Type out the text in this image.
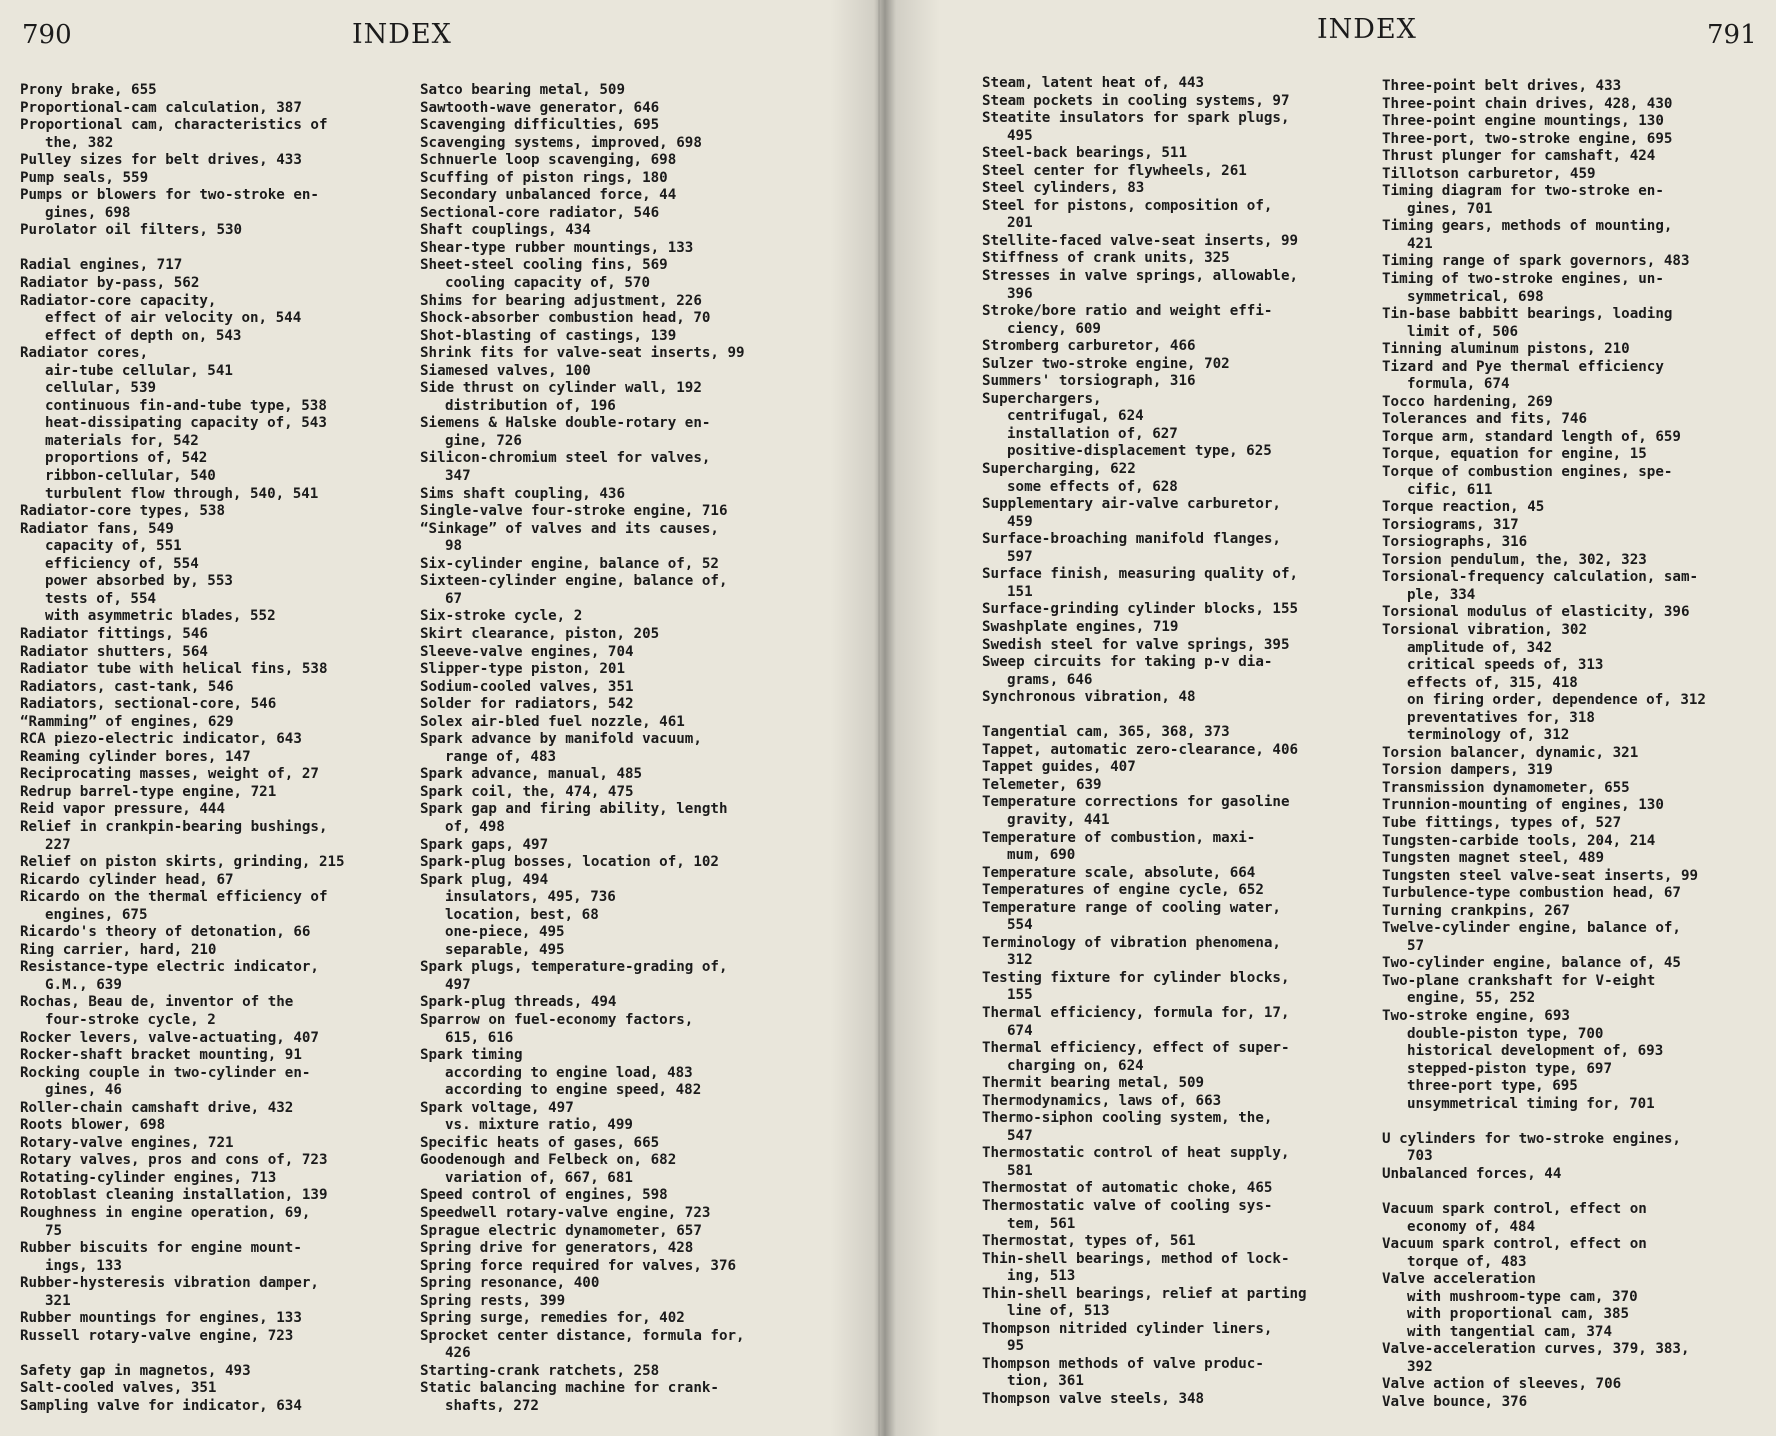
790	INDEX
Prony brake, 655
Proportional-cam calculation, 387
Proportional cam, characteristics of
the, 382
Pulley sizes for belt drives, 433
Pump seals, 559
Pumps or blowers for two-stroke en-
gines, 698
Purolator oil filters, 530
Radial engines, 717
Radiator by-pass, 562
Radiator-core capacity,
effect of air velocity on, 544
effect of depth on, 543
Radiator cores,
air-tube cellular, 541
cellular, 539
continuous fin-and-tube type, 538
heat-dissipating capacity of, 543
materials for, 542
proportions of, 542
ribbon-cellular, 540
turbulent flow through, 540, 541
Radiator-core types, 538
Radiator fans, 549
capacity of, 551
efficiency of, 554
power absorbed by, 553
tests of, 554
with asymmetric blades, 552
Radiator fittings, 546
Radiator shutters, 564
Radiator tube with helical fins, 538
Radiators, cast-tank, 546
Radiators, sectional-core, 546
“Ramming” of engines, 629
RCA piezo-electric indicator, 643
Reaming cylinder bores, 147
Reciprocating masses, weight of, 27
Redrup barrel-type engine, 721
Reid vapor pressure, 444
Relief in crankpin-bearing bushings,
227
Relief on piston skirts, grinding, 215
Ricardo cylinder head, 67
Ricardo on the thermal efficiency of
engines, 675
Ricardo's theory of detonation, 66
Ring carrier, hard, 210
Resistance-type electric indicator,
G.M., 639
Rochas, Beau de, inventor of the
four-stroke cycle, 2
Rocker levers, valve-actuating, 407
Rocker-shaft bracket mounting, 91
Rocking couple in two-cylinder en-
gines, 46
Roller-chain camshaft drive, 432
Roots blower, 698
Rotary-valve engines, 721
Rotary valves, pros and cons of, 723
Rotating-cylinder engines, 713
Rotoblast cleaning installation, 139
Roughness in engine operation, 69,
75
Rubber biscuits for engine mount-
ings, 133
Rubber-hysteresis vibration damper,
321
Rubber mountings for engines, 133
Russell rotary-valve engine, 723
Safety gap in magnetos, 493
Salt-cooled valves, 351
Sampling valve for indicator, 634
Satco bearing metal, 509
Sawtooth-wave generator, 646
Scavenging difficulties, 695
Scavenging systems, improved, 698
Schnuerle loop scavenging, 698
Scuffing of piston rings, 180
Secondary unbalanced force, 44
Sectional-core radiator, 546
Shaft couplings, 434
Shear-type rubber mountings, 133
Sheet-steel cooling fins, 569
cooling capacity of, 570
Shims for bearing adjustment, 226
Shock-absorber combustion head, 70
Shot-blasting of castings, 139
Shrink fits for valve-seat inserts, 99
Siamesed valves, 100
Side thrust on cylinder wall, 192
distribution of, 196
Siemens & Halske double-rotary en-
gine, 726
Silicon-chromium steel for valves,
347
Sims shaft coupling, 436
Single-valve four-stroke engine, 716
“Sinkage” of valves and its causes,
98
Six-cylinder engine, balance of, 52
Sixteen-cylinder engine, balance of,
67
Six-stroke cycle, 2
Skirt clearance, piston, 205
Sleeve-valve engines, 704
Slipper-type piston, 201
Sodium-cooled valves, 351
Solder for radiators, 542
Solex air-bled fuel nozzle, 461
Spark advance by manifold vacuum,
range of, 483
Spark advance, manual, 485
Spark coil, the, 474, 475
Spark gap and firing ability, length
of, 498
Spark gaps, 497
Spark-plug bosses, location of, 102
Spark plug, 494
insulators, 495, 736
location, best, 68
one-piece, 495
separable, 495
Spark plugs, temperature-grading of,
497
Spark-plug threads, 494
Sparrow on fuel-economy factors,
615, 616
Spark timing
according to engine load, 483
according to engine speed, 482
Spark voltage, 497
vs. mixture ratio, 499
Specific heats of gases, 665
Goodenough and Felbeck on, 682
variation of, 667, 681
Speed control of engines, 598
Speedwell rotary-valve engine, 723
Sprague electric dynamometer, 657
Spring drive for generators, 428
Spring force required for valves, 376
Spring resonance, 400
Spring rests, 399
Spring surge, remedies for, 402
Sprocket center distance, formula for,
426
Starting-crank ratchets, 258
Static balancing machine for crank-
shafts, 272
INDEX	791
Steam, latent heat of, 443
Steam pockets in cooling systems, 97
Steatite insulators for spark plugs,
495
Steel-back bearings, 511
Steel center for flywheels, 261
Steel cylinders, 83
Steel for pistons, composition of,
201
Stellite-faced valve-seat inserts, 99
Stiffness of crank units, 325
Stresses in valve springs, allowable,
396
Stroke/bore ratio and weight effi-
ciency, 609
Stromberg carburetor, 466
Sulzer two-stroke engine, 702
Summers' torsiograph, 316
Superchargers,
centrifugal, 624
installation of, 627
positive-displacement type, 625
Supercharging, 622
some effects of, 628
Supplementary air-valve carburetor,
459
Surface-broaching manifold flanges,
597
Surface finish, measuring quality of,
151
Surface-grinding cylinder blocks, 155
Swashplate engines, 719
Swedish steel for valve springs, 395
Sweep circuits for taking p-v dia-
grams, 646
Synchronous vibration, 48
Tangential cam, 365, 368, 373
Tappet, automatic zero-clearance, 406
Tappet guides, 407
Telemeter, 639
Temperature corrections for gasoline
gravity, 441
Temperature of combustion, maxi-
mum, 690
Temperature scale, absolute, 664
Temperatures of engine cycle, 652
Temperature range of cooling water,
554
Terminology of vibration phenomena,
312
Testing fixture for cylinder blocks,
155
Thermal efficiency, formula for, 17,
674
Thermal efficiency, effect of super-
charging on, 624
Thermit bearing metal, 509
Thermodynamics, laws of, 663
Thermo-siphon cooling system, the,
547
Thermostatic control of heat supply,
581
Thermostat of automatic choke, 465
Thermostatic valve of cooling sys-
tem, 561
Thermostat, types of, 561
Thin-shell bearings, method of lock-
ing, 513
Thin-shell bearings, relief at parting
line of, 513
Thompson nitrided cylinder liners,
95
Thompson methods of valve produc-
tion, 361
Thompson valve steels, 348
Three-point belt drives, 433
Three-point chain drives, 428, 430
Three-point engine mountings, 130
Three-port, two-stroke engine, 695
Thrust plunger for camshaft, 424
Tillotson carburetor, 459
Timing diagram for two-stroke en-
gines, 701
Timing gears, methods of mounting,
421
Timing range of spark governors, 483
Timing of two-stroke engines, un-
symmetrical, 698
Tin-base babbitt bearings, loading
limit of, 506
Tinning aluminum pistons, 210
Tizard and Pye thermal efficiency
formula, 674
Tocco hardening, 269
Tolerances and fits, 746
Torque arm, standard length of, 659
Torque, equation for engine, 15
Torque of combustion engines, spe-
cific, 611
Torque reaction, 45
Torsiograms, 317
Torsiographs, 316
Torsion pendulum, the, 302, 323
Torsional-frequency calculation, sam-
ple, 334
Torsional modulus of elasticity, 396
Torsional vibration, 302
amplitude of, 342
critical speeds of, 313
effects of, 315, 418
on firing order, dependence of, 312
preventatives for, 318
terminology of, 312
Torsion balancer, dynamic, 321
Torsion dampers, 319
Transmission dynamometer, 655
Trunnion-mounting of engines, 130
Tube fittings, types of, 527
Tungsten-carbide tools, 204, 214
Tungsten magnet steel, 489
Tungsten steel valve-seat inserts, 99
Turbulence-type combustion head, 67
Turning crankpins, 267
Twelve-cylinder engine, balance of,
57
Two-cylinder engine, balance of, 45
Two-plane crankshaft for V-eight
engine, 55, 252
Two-stroke engine, 693
double-piston type, 700
historical development of, 693
stepped-piston type, 697
three-port type, 695
unsymmetrical timing for, 701
U cylinders for two-stroke engines,
703
Unbalanced forces, 44
Vacuum spark control, effect on
economy of, 484
Vacuum spark control, effect on
torque of, 483
Valve acceleration
with mushroom-type cam, 370
with proportional cam, 385
with tangential cam, 374
Valve-acceleration curves, 379, 383,
392
Valve action of sleeves, 706
Valve bounce, 376
